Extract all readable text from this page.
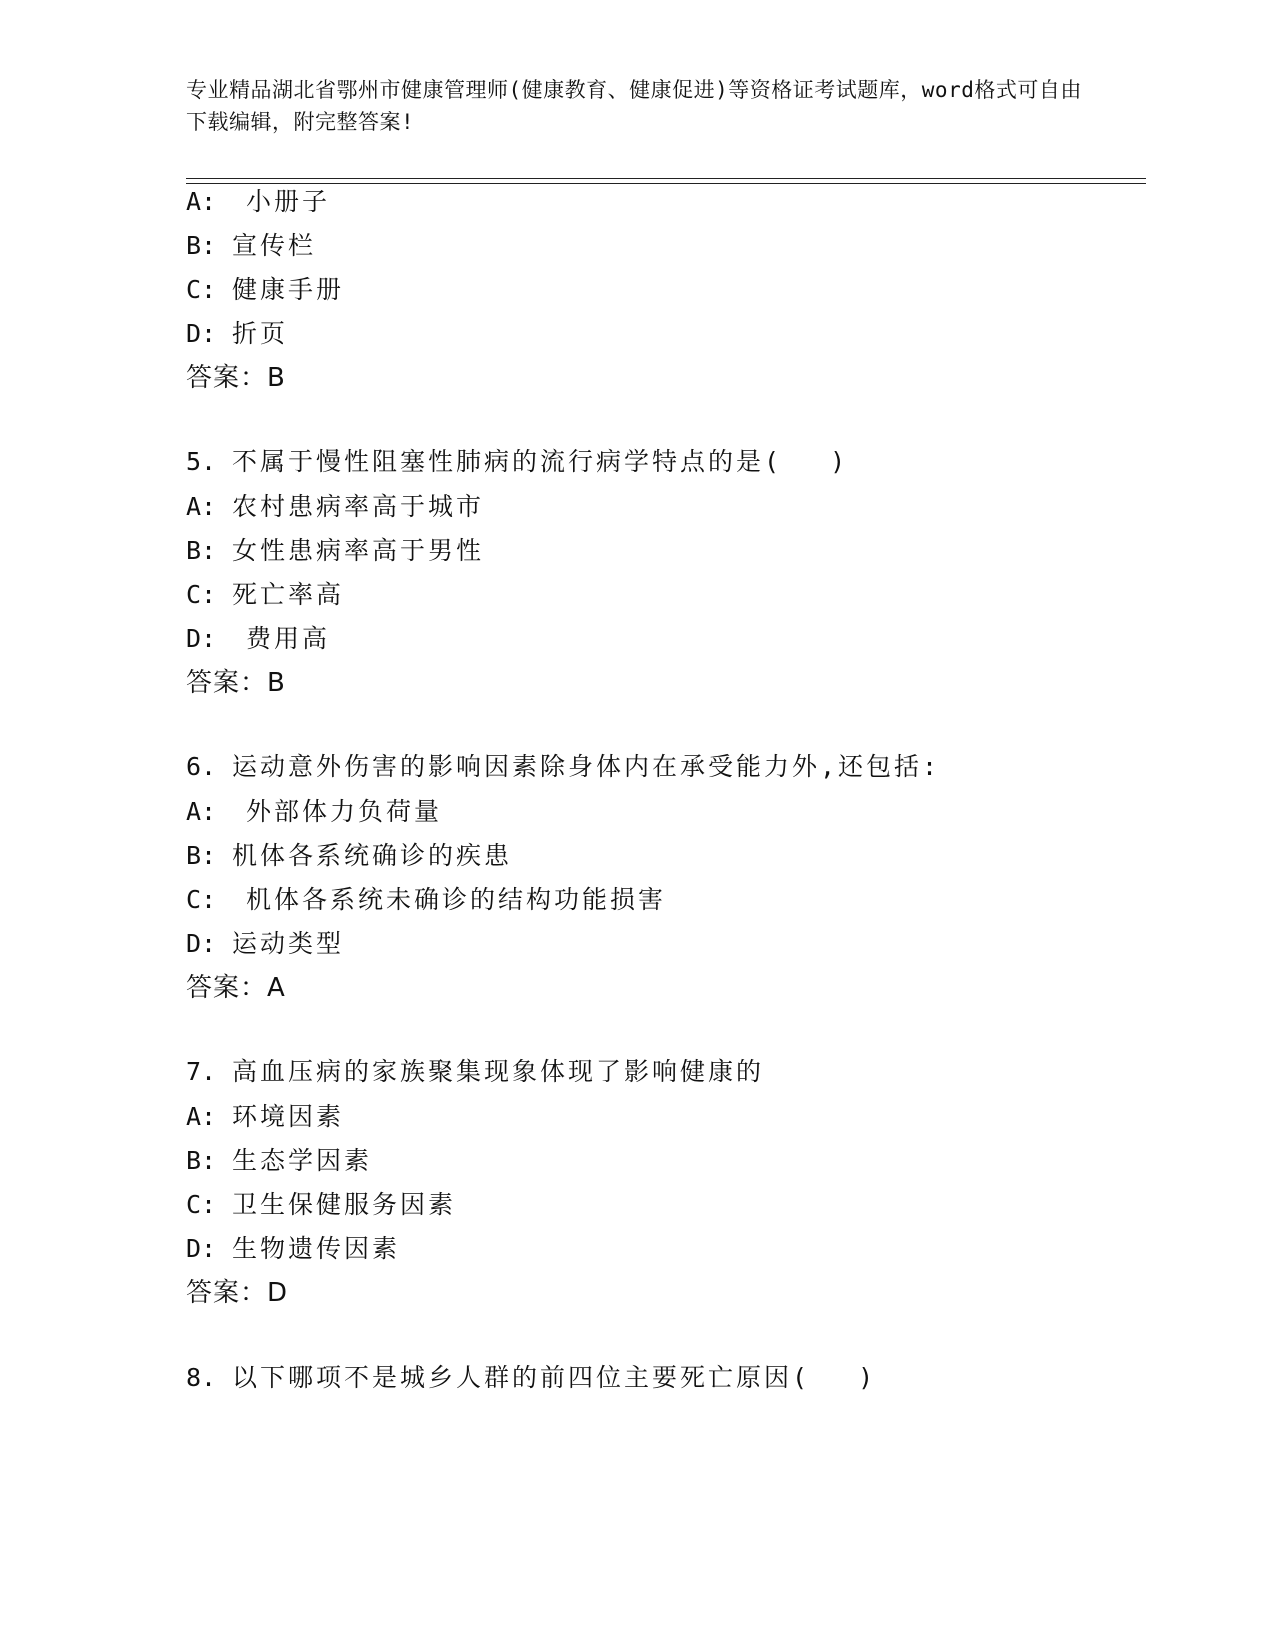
专业精品湖北省鄂州市健康管理师(健康教育、健康促进)等资格证考试题库，word格式可自由下载编辑，附完整答案!
A: 小册子
B: 宣传栏
C: 健康手册
D: 折页
答案：B
5. 不属于慢性阻塞性肺病的流行病学特点的是( )
A: 农村患病率高于城市
B: 女性患病率高于男性
C: 死亡率高
D: 费用高
答案：B
6. 运动意外伤害的影响因素除身体内在承受能力外,还包括:
A: 外部体力负荷量
B: 机体各系统确诊的疾患
C: 机体各系统未确诊的结构功能损害
D: 运动类型
答案：A
7. 高血压病的家族聚集现象体现了影响健康的
A: 环境因素
B: 生态学因素
C: 卫生保健服务因素
D: 生物遗传因素
答案：D
8. 以下哪项不是城乡人群的前四位主要死亡原因( )
